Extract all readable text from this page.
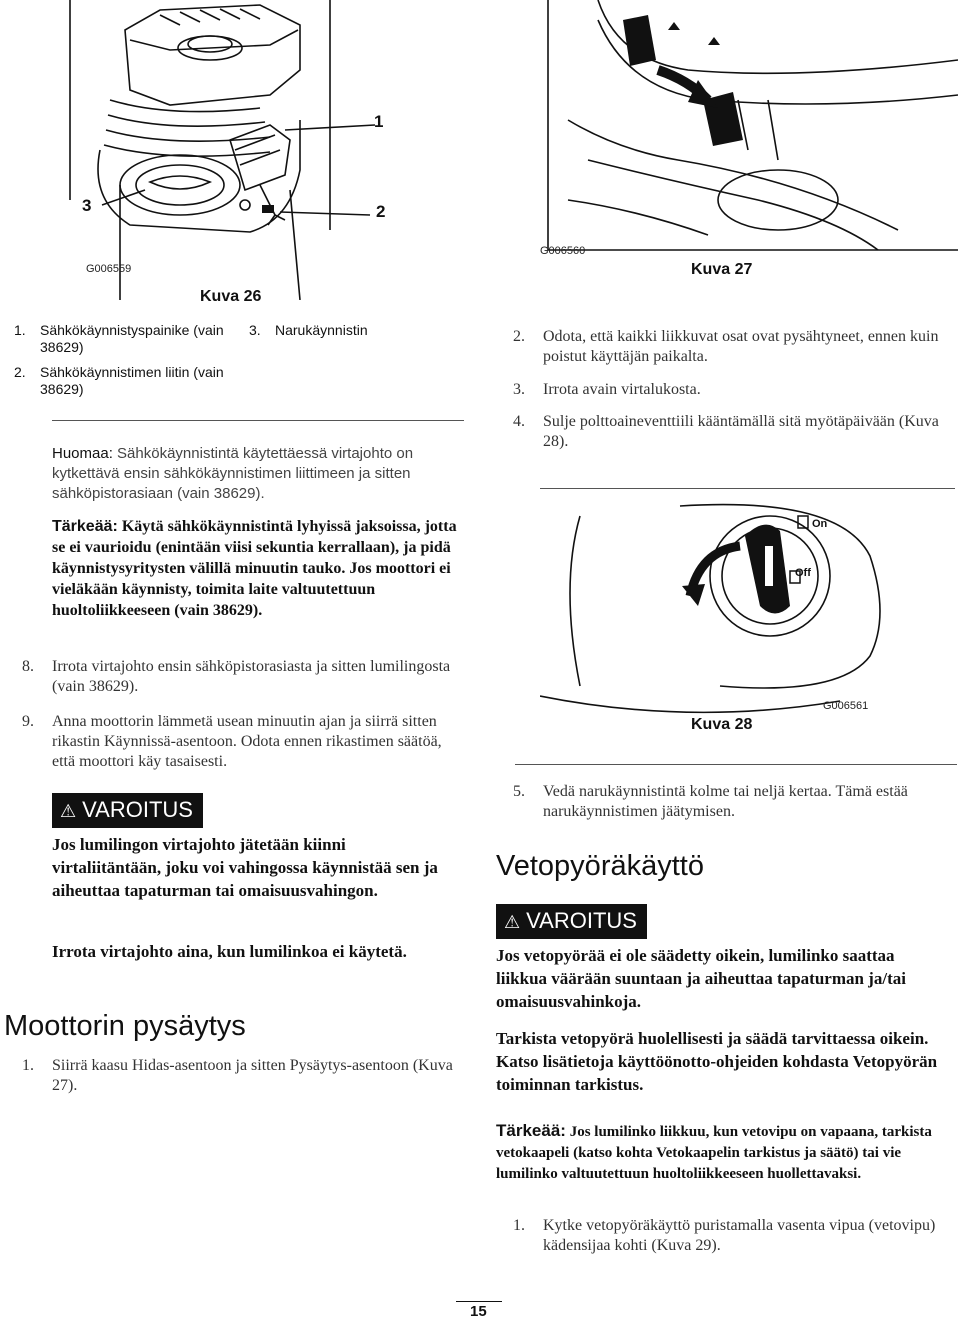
1
2
3
G006559
Kuva 26
1. Sähkökäynnistyspainike (vain 38629)
2. Sähkökäynnistimen liitin (vain 38629)
3. Narukäynnistin
Huomaa: Sähkökäynnistintä käytettäessä virtajohto on kytkettävä ensin sähkökäynnistimen liittimeen ja sitten sähköpistorasiaan (vain 38629).
Tärkeää: Käytä sähkökäynnistintä lyhyissä jaksoissa, jotta se ei vaurioidu (enintään viisi sekuntia kerrallaan), ja pidä käynnistysyritysten välillä minuutin tauko. Jos moottori ei vieläkään käynnisty, toimita laite valtuutettuun huoltoliikkeeseen (vain 38629).
8. Irrota virtajohto ensin sähköpistorasiasta ja sitten lumilingosta (vain 38629).
9. Anna moottorin lämmetä usean minuutin ajan ja siirrä sitten rikastin Käynnissä-asentoon. Odota ennen rikastimen säätöä, että moottori käy tasaisesti.
⚠ VAROITUS
Jos lumilingon virtajohto jätetään kiinni virtaliitäntään, joku voi vahingossa käynnistää sen ja aiheuttaa tapaturman tai omaisuusvahingon.
Irrota virtajohto aina, kun lumilinkoa ei käytetä.
Moottorin pysäytys
1. Siirrä kaasu Hidas-asentoon ja sitten Pysäytys-asentoon (Kuva 27).
G006560
Kuva 27
2. Odota, että kaikki liikkuvat osat ovat pysähtyneet, ennen kuin poistut käyttäjän paikalta.
3. Irrota avain virtalukosta.
4. Sulje polttoaineventtiili kääntämällä sitä myötäpäivään (Kuva 28).
On
Off
G006561
Kuva 28
5. Vedä narukäynnistintä kolme tai neljä kertaa. Tämä estää narukäynnistimen jäätymisen.
Vetopyöräkäyttö
⚠ VAROITUS
Jos vetopyörää ei ole säädetty oikein, lumilinko saattaa liikkua väärään suuntaan ja aiheuttaa tapaturman ja/tai omaisuusvahinkoja.
Tarkista vetopyörä huolellisesti ja säädä tarvittaessa oikein. Katso lisätietoja käyttöönotto-ohjeiden kohdasta Vetopyörän toiminnan tarkistus.
Tärkeää: Jos lumilinko liikkuu, kun vetovipu on vapaana, tarkista vetokaapeli (katso kohta Vetokaapelin tarkistus ja säätö) tai vie lumilinko valtuutettuun huoltoliikkeeseen huollettavaksi.
1. Kytke vetopyöräkäyttö puristamalla vasenta vipua (vetovipu) kädensijaa kohti (Kuva 29).
15
